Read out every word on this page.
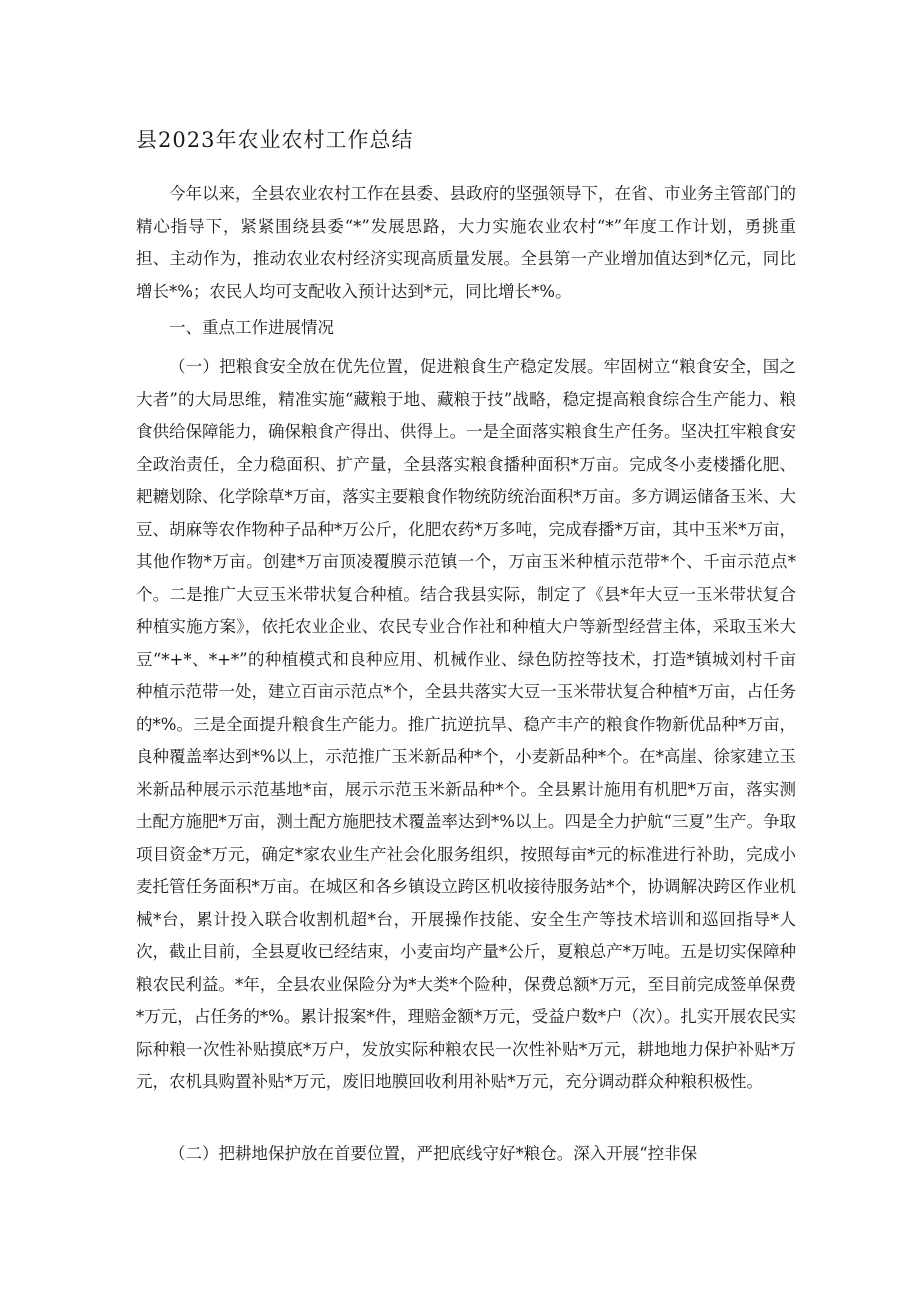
县2023年农业农村工作总结

今年以来，全县农业农村工作在县委、县政府的坚强领导下，在省、市业务主管部门的精心指导下，紧紧围绕县委“*”发展思路，大力实施农业农村“*”年度工作计划，勇挑重担、主动作为，推动农业农村经济实现高质量发展。全县第一产业增加值达到*亿元，同比增长*%；农民人均可支配收入预计达到*元，同比增长*%。

一、重点工作进展情况

（一）把粮食安全放在优先位置，促进粮食生产稳定发展。牢固树立“粮食安全，国之大者”的大局思维，精准实施“藏粮于地、藏粮于技”战略，稳定提高粮食综合生产能力、粮食供给保障能力，确保粮食产得出、供得上。一是全面落实粮食生产任务。坚决扛牢粮食安全政治责任，全力稳面积、扩产量，全县落实粮食播种面积*万亩。完成冬小麦楼播化肥、耙耱划除、化学除草*万亩，落实主要粮食作物统防统治面积*万亩。多方调运储备玉米、大豆、胡麻等农作物种子品种*万公斤，化肥农药*万多吨，完成春播*万亩，其中玉米*万亩，其他作物*万亩。创建*万亩顶凌覆膜示范镇一个，万亩玉米种植示范带*个、千亩示范点*个。二是推广大豆玉米带状复合种植。结合我县实际，制定了《县*年大豆一玉米带状复合种植实施方案》，依托农业企业、农民专业合作社和种植大户等新型经营主体，采取玉米大豆“*+*、*+*”的种植模式和良种应用、机械作业、绿色防控等技术，打造*镇城刘村千亩种植示范带一处，建立百亩示范点*个，全县共落实大豆一玉米带状复合种植*万亩，占任务的*%。三是全面提升粮食生产能力。推广抗逆抗旱、稳产丰产的粮食作物新优品种*万亩，良种覆盖率达到*%以上，示范推广玉米新品种*个，小麦新品种*个。在*高崖、徐家建立玉米新品种展示示范基地*亩，展示示范玉米新品种*个。全县累计施用有机肥*万亩，落实测土配方施肥*万亩，测土配方施肥技术覆盖率达到*%以上。四是全力护航“三夏”生产。争取项目资金*万元，确定*家农业生产社会化服务组织，按照每亩*元的标准进行补助，完成小麦托管任务面积*万亩。在城区和各乡镇设立跨区机收接待服务站*个，协调解决跨区作业机械*台，累计投入联合收割机超*台，开展操作技能、安全生产等技术培训和巡回指导*人次，截止目前，全县夏收已经结束，小麦亩均产量*公斤，夏粮总产*万吨。五是切实保障种粮农民利益。*年，全县农业保险分为*大类*个险种，保费总额*万元，至目前完成签单保费*万元，占任务的*%。累计报案*件，理赔金额*万元，受益户数*户（次）。扎实开展农民实际种粮一次性补贴摸底*万户，发放实际种粮农民一次性补贴*万元，耕地地力保护补贴*万元，农机具购置补贴*万元，废旧地膜回收利用补贴*万元，充分调动群众种粮积极性。

（二）把耕地保护放在首要位置，严把底线守好*粮仓。深入开展“控非保
